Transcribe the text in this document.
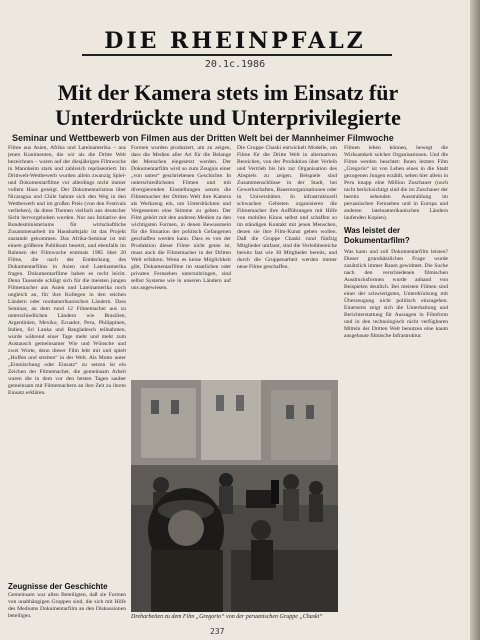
DIE RHEINPFALZ
20.1c.1986
Mit der Kamera stets im Einsatz für Unterdrückte und Unterprivilegierte
Seminar und Wettbewerb von Filmen aus der Dritten Welt bei der Mannheimer Filmwoche

Filme aus Asien, Afrika und Lateinamerika – aus jenen Kontinenten, die wir als die Dritte Welt bezeichnen – waren auf der diesjährigen Filmwoche in Mannheim stark und zahlreich repräsentiert. Im Drittwelt-Wettbewerb wurden allein zwanzig Spiel- und Dokumentarfilme vor allerdings nicht immer vollem Haus gezeigt. Der Dokumentarismus über Nicaragua und Chile bahnte sich den Weg in den Wettbewerb und im großen Preis (von den Festivals verliehen), da diese Themen vielfach aus deutscher Sicht hervorgehoben wurden. Nur aus Initiative des Bundesministeriums für wirtschaftliche Zusammenarbeit im Haushaltsjahr ist das Projekt zustande gekommen. Das Afrika-Seminar ist mit einem größeren Publikum besetzt, und ebenfalls im Rahmen der Filmwoche erstmals 1985 über 20 Filme, die nach der Entdeckung des Dokumentarfilms in Asien und Lateinamerika fragen. Dokumentarfilme haben es recht leicht. Denn Tausende schlägt sich für die meisten jungen Filmemacher aus Asien und Lateinamerika noch ungleich an, für ihre Kollegen in den reichen Ländern oder nordamerikanischen Ländern. Dass Seminar, an dem rund 12 Filmemacher aus zu unterschiedlichen Ländern wie Brasilien, Argentinien, Mexiko, Ecuador, Peru, Philippinen, Indien, Sri Lanka und Bangladesch teilnahmen, wurde während einer Tage mehr und mehr zum Austausch gemeinsamer Wie und Wünsche und zwei Worte, denn dieser Film lebt mit und spielt „Hoffen und streiten“ in der Welt. Als Motto unter „Einmischung oder Einsatz“ zu setzen ist ein Zeichen der Filmemacher, die gemeinsam Arbeit waren die in dem vor den besten Tagen sauber gemeinsam mit Filmemachern an ihre Zeit zu ihrem Einsatz erklären.

Zeugnisse der Geschichte

Gemeinsam war allen Beteiligten, daß sie Formen von unabhängigen Gruppen sind, die sich mit Hilfe des Mediums Dokumentarfilm an den Diskussionen beteiligen.

Formen wurden produziert, um zu zeigen, dass die Medien aller Art für die Belange der Menschen eingesetzt werden. Der Dokumentarfilm wird so zum Zeugnis einer „von unten“ geschriebenen Geschichte. In unterschiedlichsten Filmen und mit divergierenden Einstellungen setzen die Filmemacher der Dritten Welt ihre Kamera als Werkzeug ein, um Unterdrückten und Vergessenen eine Stimme zu geben. Der Film gehört mit den anderen Medien zu den wichtigsten Formen, in denen Bewusstsein für die Situation der politisch Gefangenen geschaffen werden kann. Dass es von der Produktion dieser Filme nicht getan ist, muss auch die Filmemacher in der Dritten Welt erfahren. Wenn es keine Möglichkeit gibt, Dokumentarfilme im staatlichen oder privaten Fernsehen unterzubringen, sind selbst Systeme wie in unseren Ländern auf uns angewiesen.

Die Gruppe Chaski entwickelt Modelle, um Filme für die Dritte Welt in alternativen Bereichen, von der Produktion über Verleih und Vertrieb bis hin zur Organisation des Abspiels zu zeigen. Beispiele sind Zusammenschlüsse in der Stadt, bei Gewerkschaften, Bauernorganisationen oder in Universitäten. In infrastrukturell schwachen Gebieten organisieren die Filmemacher ihre Aufführungen mit Hilfe von mobilen Kinos selbst und schaffen so im ständigen Kontakt mit jenen Menschen, denen sie ihre Film-Kunst geben wollen. Daß die Gruppe Chaski rund fünfzig Mitglieder umfasst, sind die Verleihbereiche bereits fast wie 30 Mitglieder bereits, und durch die Gruppenarbeit werden immer neue Filme geschaffen.

Filmen leben können, bewegt die Wirksamkeit solcher Organisationen. Und die Filme werden beachtet: Ihnen letzten Film „Gregorio“ ist von Leben eines in die Stadt gezogenen Jungen erzählt, sehen hier allein in Peru knapp eine Million Zuschauer (noch nicht berücksichtigt sind die im Zuschauer der bereits sehenden Ausstrahlung im peruanischen Fernsehen und in Europa und anderen lateinamerikanischen Ländern laufenden Kopien).

Was leistet der Dokumentarfilm?

Was kann und soll Dokumentarfilm leisten? Dieser grundsätzlichen Frage wurde zusätzlich immer Raum gewidmet. Die Suche nach den verschiedenen filmischen Ausdrucksformen wurde anhand von Beispielen deutlich. Bei meisten Filmen sind einer der schwierigsten, Unterdrückung mit Überzeugung nicht politisch einzugehen. Einerseits zeigt sich die Unterhaltung und Berichterstattung für Aussagen in Filmform und in den technologisch nicht verfügbaren Mitteln der Dritten Welt benutzen eine kaum ausgebaute filmische Infrastruktur.

Dreharbeiten zu dem Film „Gregorio“ von der peruanischen Gruppe „Chaski“
237
